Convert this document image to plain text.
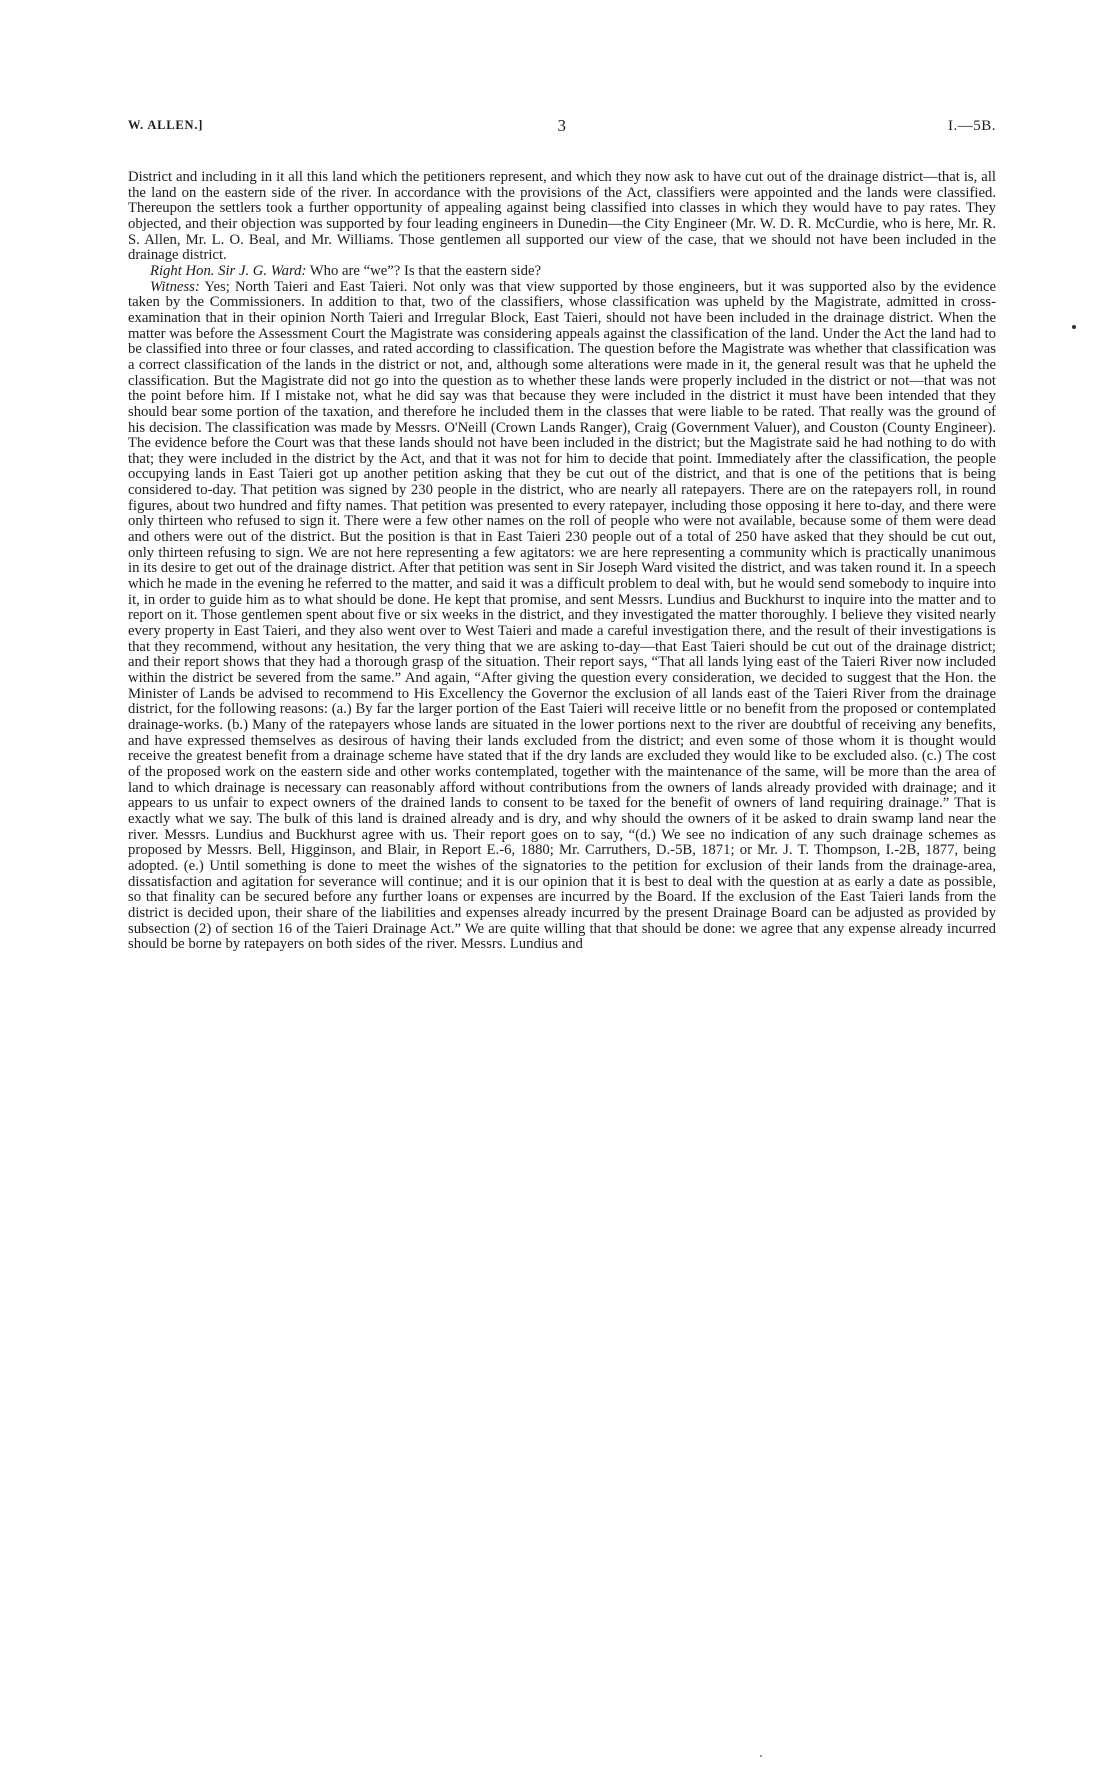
W. ALLEN.]	3	I.—5B.

District and including in it all this land which the petitioners represent, and which they now ask to have cut out of the drainage district—that is, all the land on the eastern side of the river. In accordance with the provisions of the Act, classifiers were appointed and the lands were classified. Thereupon the settlers took a further opportunity of appealing against being classified into classes in which they would have to pay rates. They objected, and their objection was supported by four leading engineers in Dunedin—the City Engineer (Mr. W. D. R. McCurdie, who is here, Mr. R. S. Allen, Mr. L. O. Beal, and Mr. Williams. Those gentlemen all supported our view of the case, that we should not have been included in the drainage district.

Right Hon. Sir J. G. Ward: Who are “we”? Is that the eastern side?

Witness: Yes; North Taieri and East Taieri. Not only was that view supported by those engineers, but it was supported also by the evidence taken by the Commissioners. In addition to that, two of the classifiers, whose classification was upheld by the Magistrate, admitted in cross-examination that in their opinion North Taieri and Irregular Block, East Taieri, should not have been included in the drainage district. When the matter was before the Assessment Court the Magistrate was considering appeals against the classification of the land. Under the Act the land had to be classified into three or four classes, and rated according to classification. The question before the Magistrate was whether that classification was a correct classification of the lands in the district or not, and, although some alterations were made in it, the general result was that he upheld the classification. But the Magistrate did not go into the question as to whether these lands were properly included in the district or not—that was not the point before him. If I mistake not, what he did say was that because they were included in the district it must have been intended that they should bear some portion of the taxation, and therefore he included them in the classes that were liable to be rated. That really was the ground of his decision. The classification was made by Messrs. O'Neill (Crown Lands Ranger), Craig (Government Valuer), and Couston (County Engineer). The evidence before the Court was that these lands should not have been included in the district; but the Magistrate said he had nothing to do with that; they were included in the district by the Act, and that it was not for him to decide that point. Immediately after the classification, the people occupying lands in East Taieri got up another petition asking that they be cut out of the district, and that is one of the petitions that is being considered to-day. That petition was signed by 230 people in the district, who are nearly all ratepayers. There are on the ratepayers roll, in round figures, about two hundred and fifty names. That petition was presented to every ratepayer, including those opposing it here to-day, and there were only thirteen who refused to sign it. There were a few other names on the roll of people who were not available, because some of them were dead and others were out of the district. But the position is that in East Taieri 230 people out of a total of 250 have asked that they should be cut out, only thirteen refusing to sign. We are not here representing a few agitators: we are here representing a community which is practically unanimous in its desire to get out of the drainage district. After that petition was sent in Sir Joseph Ward visited the district, and was taken round it. In a speech which he made in the evening he referred to the matter, and said it was a difficult problem to deal with, but he would send somebody to inquire into it, in order to guide him as to what should be done. He kept that promise, and sent Messrs. Lundius and Buckhurst to inquire into the matter and to report on it. Those gentlemen spent about five or six weeks in the district, and they investigated the matter thoroughly. I believe they visited nearly every property in East Taieri, and they also went over to West Taieri and made a careful investigation there, and the result of their investigations is that they recommend, without any hesitation, the very thing that we are asking to-day—that East Taieri should be cut out of the drainage district; and their report shows that they had a thorough grasp of the situation. Their report says, “That all lands lying east of the Taieri River now included within the district be severed from the same.” And again, “After giving the question every consideration, we decided to suggest that the Hon. the Minister of Lands be advised to recommend to His Excellency the Governor the exclusion of all lands east of the Taieri River from the drainage district, for the following reasons: (a.) By far the larger portion of the East Taieri will receive little or no benefit from the proposed or contemplated drainage-works. (b.) Many of the ratepayers whose lands are situated in the lower portions next to the river are doubtful of receiving any benefits, and have expressed themselves as desirous of having their lands excluded from the district; and even some of those whom it is thought would receive the greatest benefit from a drainage scheme have stated that if the dry lands are excluded they would like to be excluded also. (c.) The cost of the proposed work on the eastern side and other works contemplated, together with the maintenance of the same, will be more than the area of land to which drainage is necessary can reasonably afford without contributions from the owners of lands already provided with drainage; and it appears to us unfair to expect owners of the drained lands to consent to be taxed for the benefit of owners of land requiring drainage.” That is exactly what we say. The bulk of this land is drained already and is dry, and why should the owners of it be asked to drain swamp land near the river. Messrs. Lundius and Buckhurst agree with us. Their report goes on to say, “(d.) We see no indication of any such drainage schemes as proposed by Messrs. Bell, Higginson, and Blair, in Report E.-6, 1880; Mr. Carruthers, D.-5B, 1871; or Mr. J. T. Thompson, I.-2B, 1877, being adopted. (e.) Until something is done to meet the wishes of the signatories to the petition for exclusion of their lands from the drainage-area, dissatisfaction and agitation for severance will continue; and it is our opinion that it is best to deal with the question at as early a date as possible, so that finality can be secured before any further loans or expenses are incurred by the Board. If the exclusion of the East Taieri lands from the district is decided upon, their share of the liabilities and expenses already incurred by the present Drainage Board can be adjusted as provided by subsection (2) of section 16 of the Taieri Drainage Act.” We are quite willing that that should be done: we agree that any expense already incurred should be borne by ratepayers on both sides of the river. Messrs. Lundius and
